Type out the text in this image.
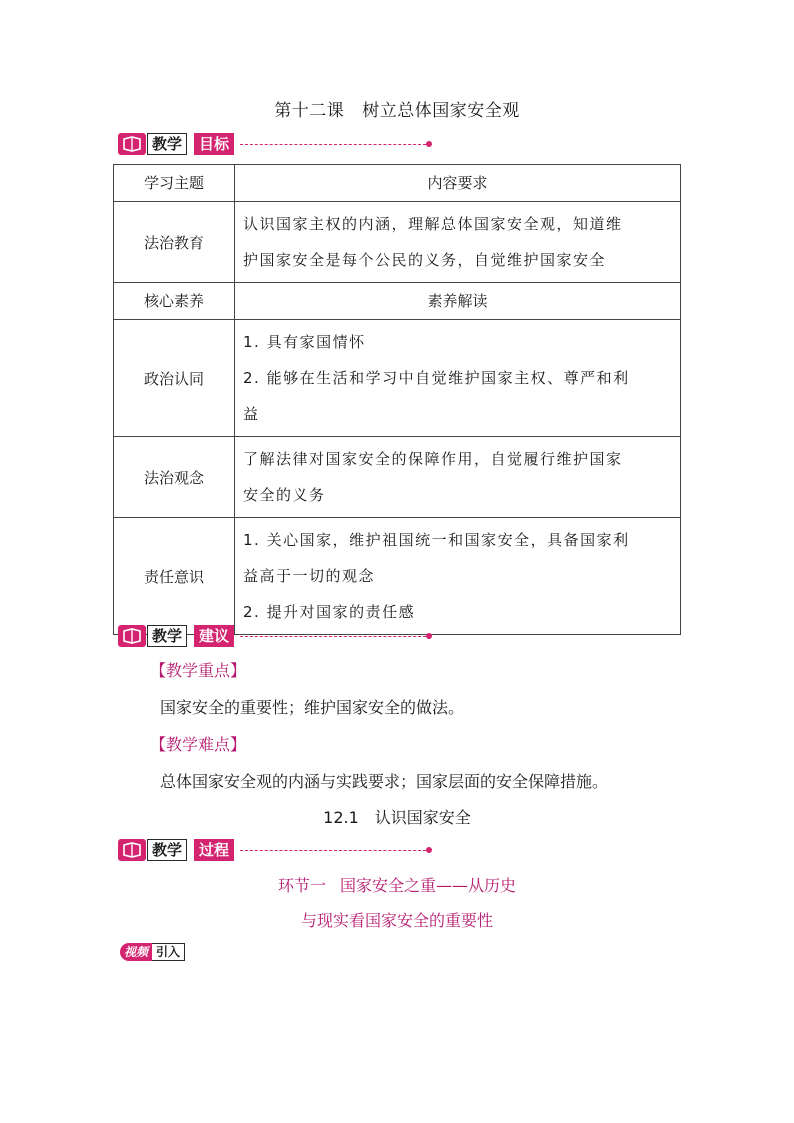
第十二课 树立总体国家安全观
教学	目标
学习主题	内容要求
法治教育	认识国家主权的内涵，理解总体国家安全观，知道维
护国家安全是每个公民的义务，自觉维护国家安全

核心素养	素养解读
政治认同	1. 具有家国情怀
2. 能够在生活和学习中自觉维护国家主权、尊严和利
益

法治观念	了解法律对国家安全的保障作用，自觉履行维护国家
安全的义务

责任意识	1. 关心国家，维护祖国统一和国家安全，具备国家利
益高于一切的观念
2. 提升对国家的责任感
教学	建议
【教学重点】
国家安全的重要性；维护国家安全的做法。
【教学难点】
总体国家安全观的内涵与实践要求；国家层面的安全保障措施。
12.1 认识国家安全
教学	过程
环节一 国家安全之重——从历史
与现实看国家安全的重要性
视频 引入
